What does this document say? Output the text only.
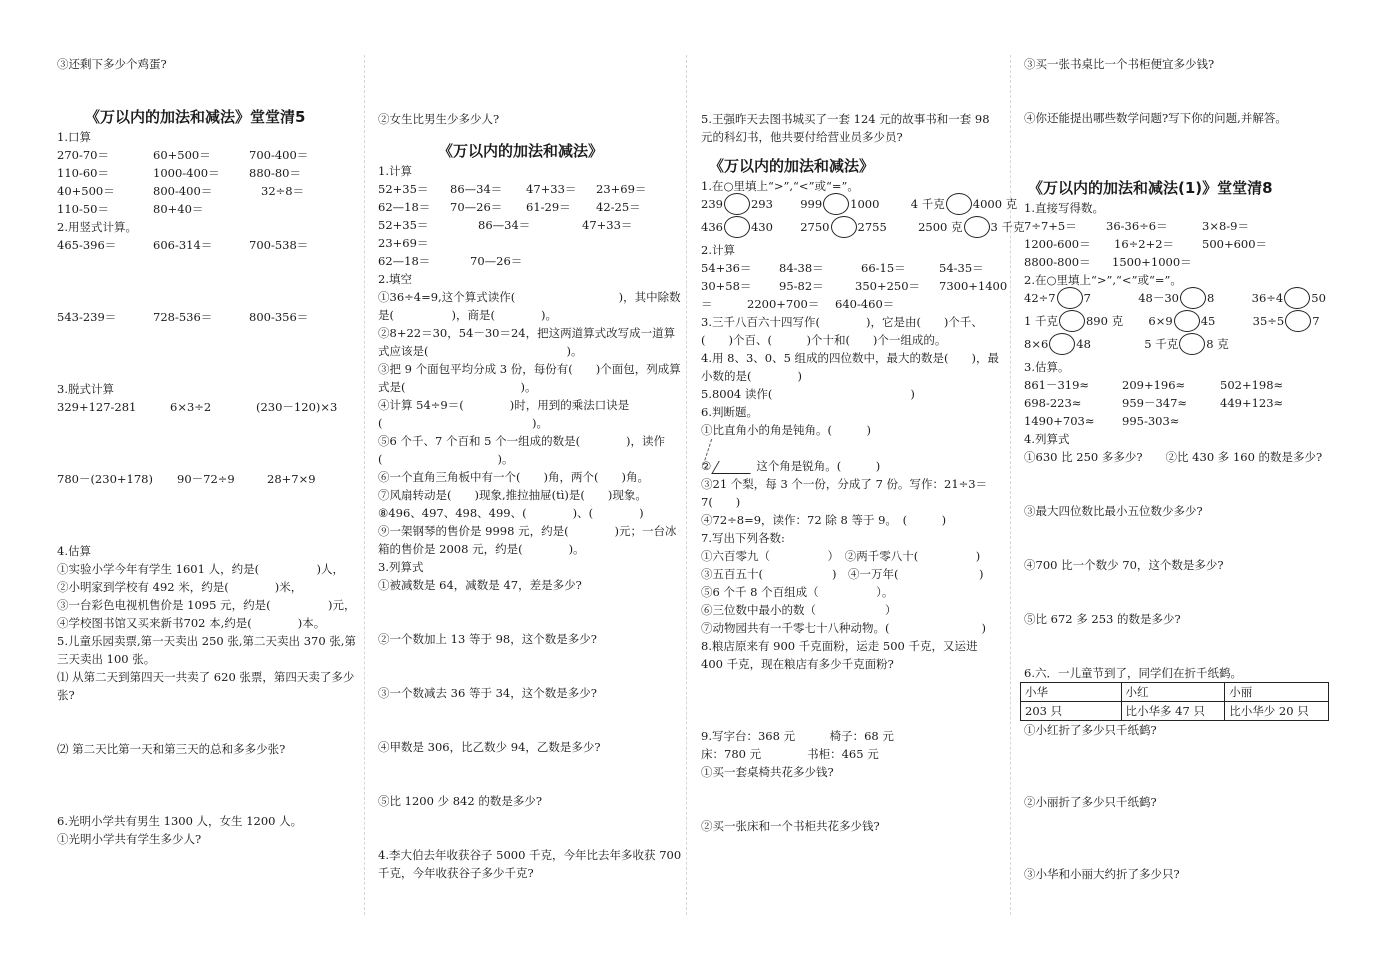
③还剩下多少个鸡蛋?
《万以内的加法和减法》堂堂清5
1.口算
270-70＝	60+500＝	700-400＝
110-60＝	1000-400＝	880-80＝
40+500＝	800-400＝	32÷8＝
110-50＝	80+40＝
2.用竖式计算。
465-396＝	606-314＝	700-538＝
543-239＝	728-536＝	800-356＝
3.脱式计算
329+127-281	6×3÷2	(230－120)×3
780－(230+178)	90－72÷9	28+7×9
4.估算
①实验小学今年有学生 1601 人，约是(　　　　　)人，
②小明家到学校有 492 米，约是(　　　　)米，
③一台彩色电视机售价是 1095 元，约是(　　　　　)元，
④学校图书馆又买来新书702 本,约是(　　　　)本。
5.儿童乐园卖票,第一天卖出 250 张,第二天卖出 370 张,第三天卖出 100 张。
⑴ 从第二天到第四天一共卖了 620 张票，第四天卖了多少张?
⑵ 第二天比第一天和第三天的总和多多少张?
6.光明小学共有男生 1300 人，女生 1200 人。
①光明小学共有学生多少人?
②女生比男生少多少人?
《万以内的加法和减法》
1.计算
52+35＝	86—34＝	47+33＝	23+69＝
62—18＝	70—26＝	61-29＝	42-25＝
52+35＝	86—34＝	47+33＝
23+69＝
62—18＝	70—26＝
2.填空
①36÷4=9,这个算式读作(　　　　　　　　　)，其中除数是(　　　　　)，商是(　　　　)。
②8+22＝30，54－30＝24，把这两道算式改写成一道算式应该是(　　　　　　　　　　　　)。
③把 9 个面包平均分成 3 份，每份有(　　)个面包，列成算式是(　　　　　　　　　　)。
④计算 54÷9＝(　　　　)时，用到的乘法口诀是(　　　　　　　　　　　　　)。
⑤6 个千、7 个百和 5 个一组成的数是(　　　　)，读作(　　　　　　　　　　)。
⑥一个直角三角板中有一个(　　)角，两个(　　)角。
⑦风扇转动是(　　)现象,推拉抽屉(tì)是(　　)现象。
⑧496、497、498、499、(　　　　)、(　　　　)
⑨一架钢琴的售价是 9998 元，约是(　　　　)元；一台冰箱的售价是 2008 元，约是(　　　　)。
3.列算式
①被减数是 64，减数是 47，差是多少?
②一个数加上 13 等于 98，这个数是多少?
③一个数减去 36 等于 34，这个数是多少?
④甲数是 306，比乙数少 94，乙数是多少?
⑤比 1200 少 842 的数是多少?
4.李大伯去年收获谷子 5000 千克，今年比去年多收获 700 千克，今年收获谷子多少千克?
5.王强昨天去图书城买了一套 124 元的故事书和一套 98 元的科幻书，他共要付给营业员多少员?
《万以内的加法和减法》
1.在○里填上“>”,“<”或“=”。
239 293 999 1000	4 千克 4000 克
436 430 2750 2755	2500 克 3 千克
2.计算
54+36＝	84-38＝	66-15＝	54-35＝
30+58＝	95-82＝	350+250＝	7300+1400
＝	2200+700＝	640-460＝
3.三千八百六十四写作(　　　　)，它是由(　　)个千、(　　)个百、(　　　)个十和(　　)个一组成的。
4.用 8、3、0、5 组成的四位数中，最大的数是(　　)，最小数的是(　　　　)
5.8004 读作(　　　　　　　　　　　　)
6.判断题。
①比直角小的角是钝角。(　　　)
②	这个角是锐角。(　　　)
③21 个梨，每 3 个一份，分成了 7 份。写作：21÷3＝7(　　)
④72÷8=9，读作：72 除 8 等于 9。　(　　　)
7.写出下列各数:
①六百零九（　　　　　）　②两千零八十(　　　　　)
③五百五十(　　　　　　)　④一万年(　　　　　　　)
⑤6 个千 8 个百组成（　　　　　）。
⑥三位数中最小的数（　　　　　　）
⑦动物园共有一千零七十八种动物。(　　　　　　　　)
8.粮店原来有 900 千克面粉，运走 500 千克，又运进 400 千克，现在粮店有多少千克面粉?
9.写字台：368 元　　　椅子：68 元
床：780 元　　　　书柜：465 元
①买一套桌椅共花多少钱?
②买一张床和一个书柜共花多少钱?
③买一张书桌比一个书柜便宜多少钱?
④你还能提出哪些数学问题?写下你的问题,并解答。
《万以内的加法和减法(1)》堂堂清8
1.直接写得数。
7÷7+5＝	36-36÷6＝	3×8-9＝
1200-600＝	16÷2+2＝	500+600＝
8800-800＝	1500+1000＝
2.在○里填上“>”,“<”或“=”。
42÷7 7	48－30 8	36÷4 50
1 千克 890 克 6×9 45	35÷5 7
8×6 48	5 千克 8 克
3.估算。
861－319≈	209+196≈	502+198≈
698-223≈	959－347≈	449+123≈
1490+703≈	995-303≈
4.列算式
①630 比 250 多多少?　　②比 430 多 160 的数是多少?
③最大四位数比最小五位数少多少?
④700 比一个数少 70，这个数是多少?
⑤比 672 多 253 的数是多少?
6.六．一儿童节到了，同学们在折千纸鹤。
小华	小红	小丽
203 只	比小华多 47 只	比小华少 20 只
①小红折了多少只千纸鹤?
②小丽折了多少只千纸鹤?
③小华和小丽大约折了多少只?
